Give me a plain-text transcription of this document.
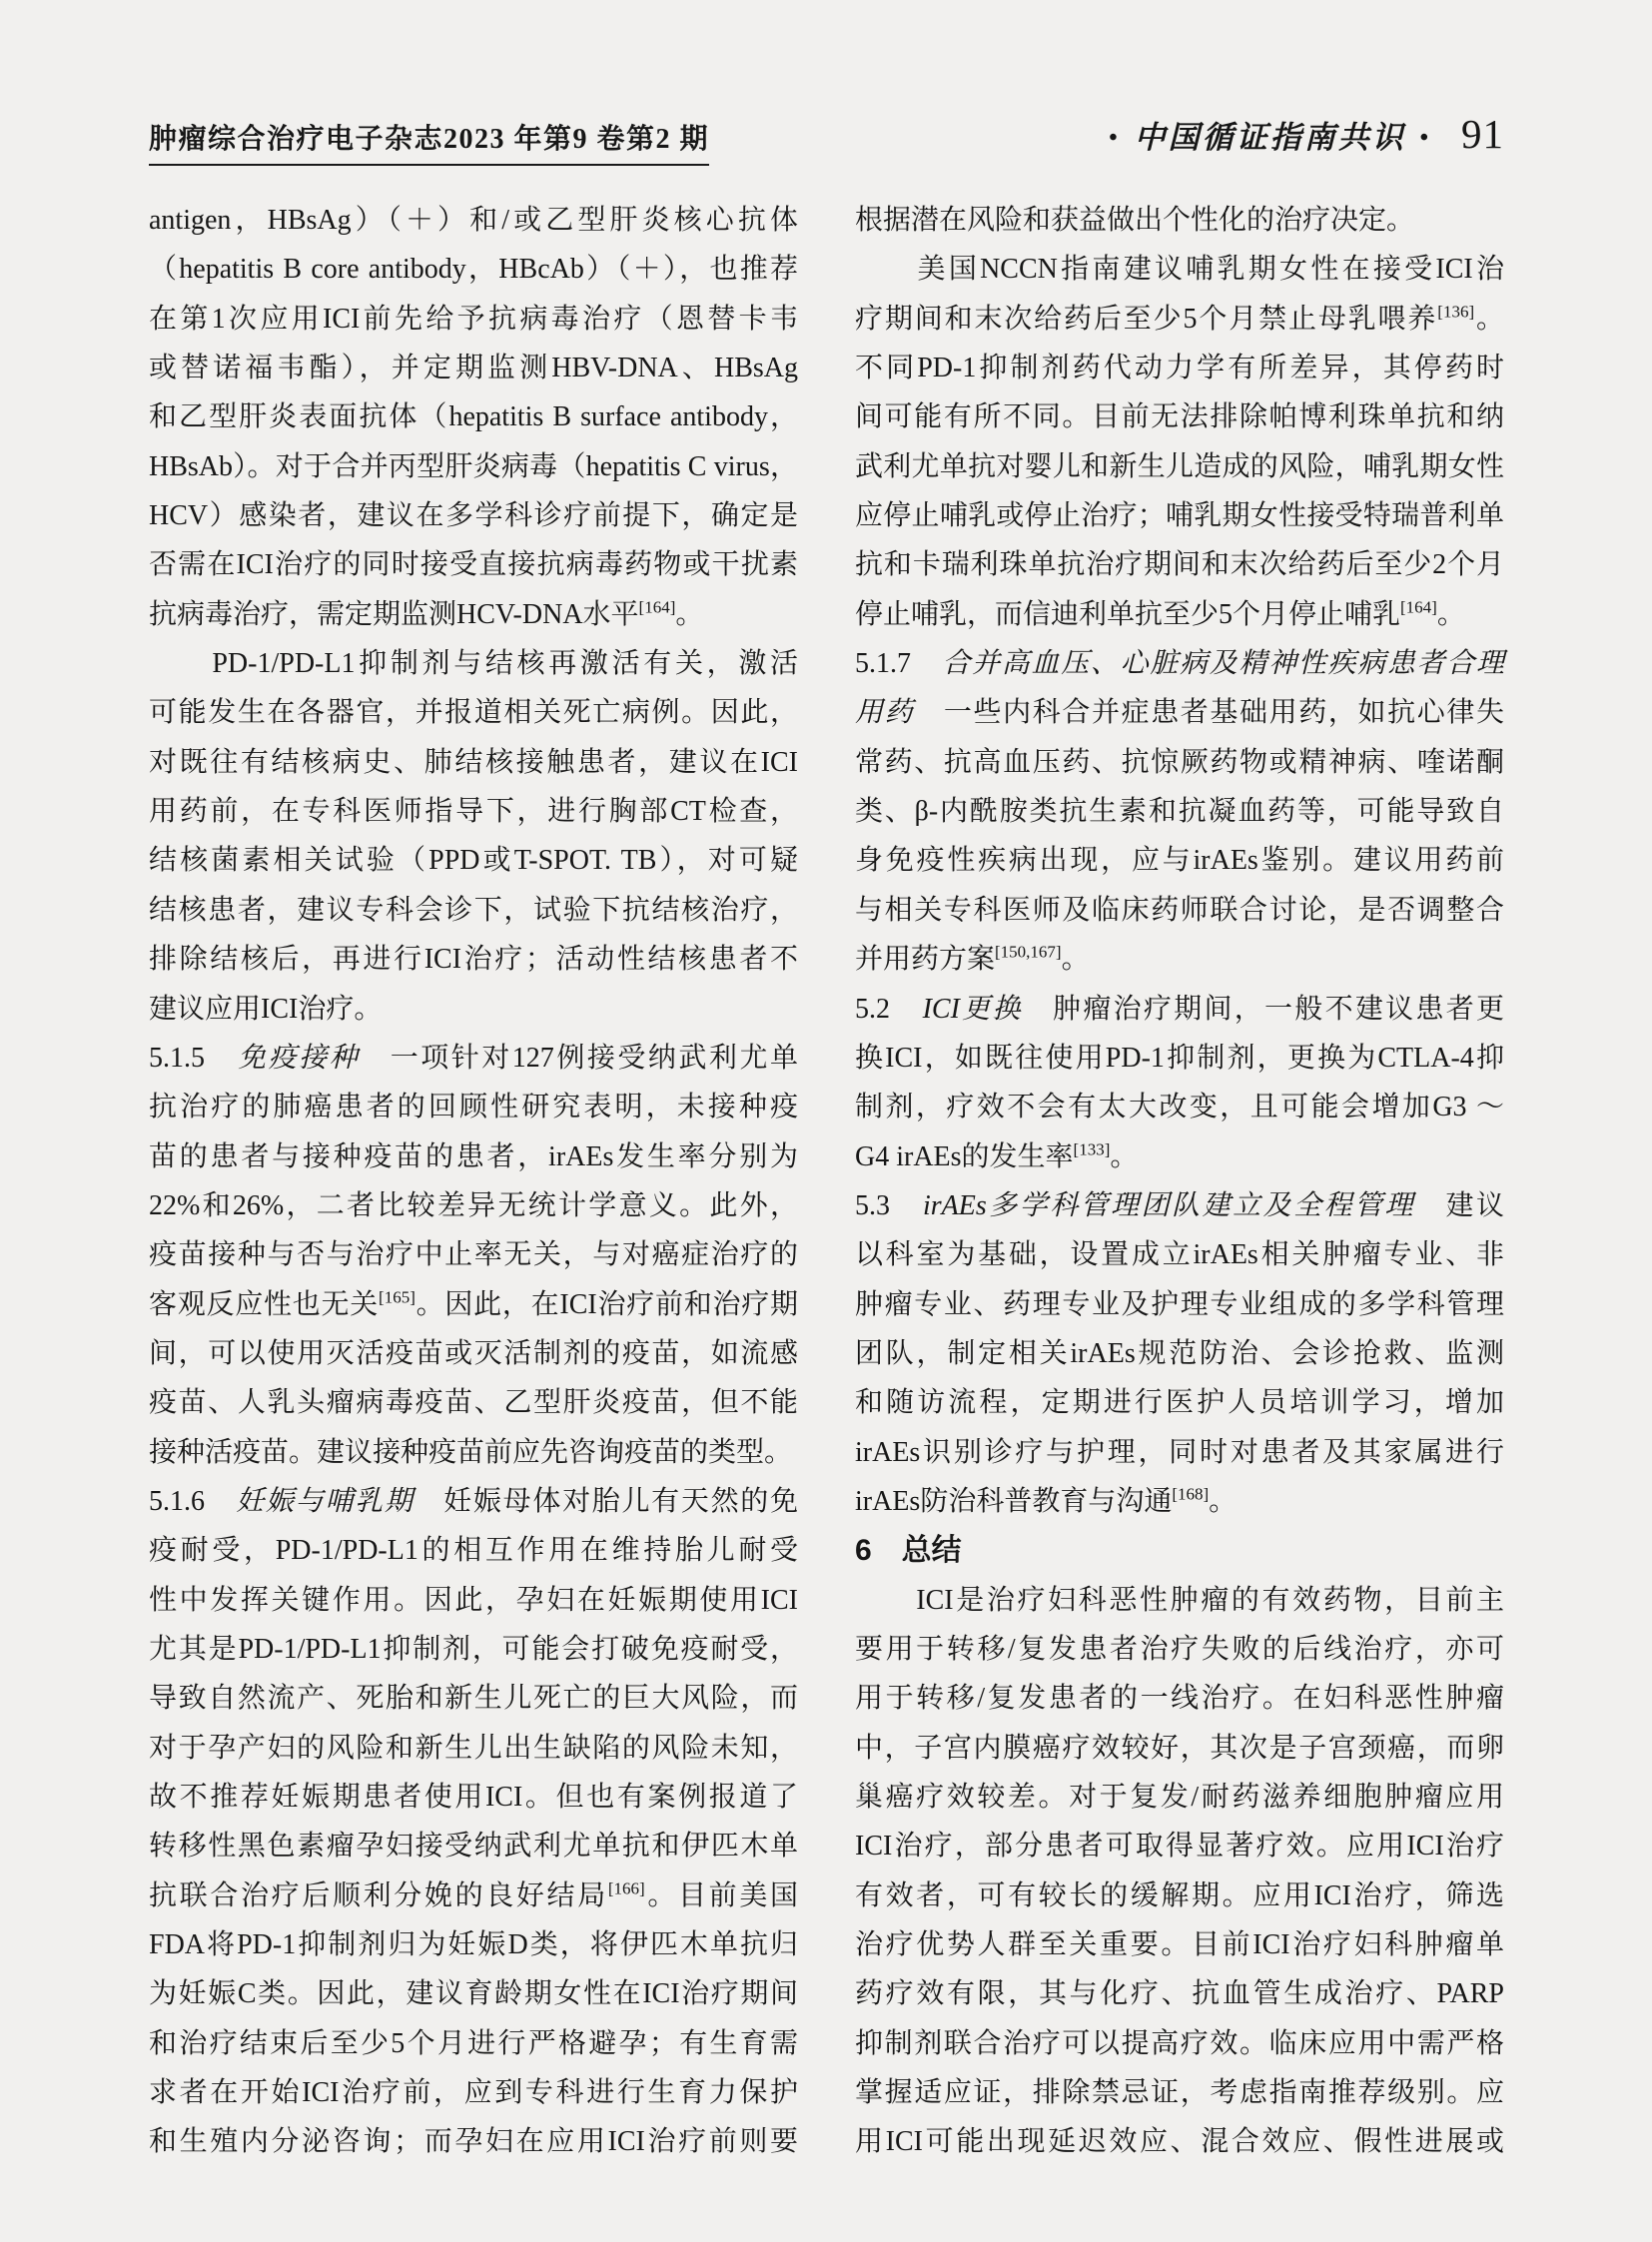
肿瘤综合治疗电子杂志2023 年第9 卷第2 期	• 中国循证指南共识 • 91
antigen，HBsAg）（＋）和/或乙型肝炎核心抗体
（hepatitis B core antibody，HBcAb）（＋），也推荐
在第1次应用ICI前先给予抗病毒治疗（恩替卡韦
或替诺福韦酯），并定期监测HBV-DNA、HBsAg
和乙型肝炎表面抗体（hepatitis B surface antibody，
HBsAb）。对于合并丙型肝炎病毒（hepatitis C virus，
HCV）感染者，建议在多学科诊疗前提下，确定是
否需在ICI治疗的同时接受直接抗病毒药物或干扰素
抗病毒治疗，需定期监测HCV-DNA水平[164]。
　　PD-1/PD-L1抑制剂与结核再激活有关，激活
可能发生在各器官，并报道相关死亡病例。因此，
对既往有结核病史、肺结核接触患者，建议在ICI
用药前，在专科医师指导下，进行胸部CT检查，
结核菌素相关试验（PPD或T-SPOT. TB），对可疑
结核患者，建议专科会诊下，试验下抗结核治疗，
排除结核后，再进行ICI治疗；活动性结核患者不
建议应用ICI治疗。
5.1.5　免疫接种　一项针对127例接受纳武利尤单
抗治疗的肺癌患者的回顾性研究表明，未接种疫
苗的患者与接种疫苗的患者，irAEs发生率分别为
22%和26%，二者比较差异无统计学意义。此外，
疫苗接种与否与治疗中止率无关，与对癌症治疗的
客观反应性也无关[165]。因此，在ICI治疗前和治疗期
间，可以使用灭活疫苗或灭活制剂的疫苗，如流感
疫苗、人乳头瘤病毒疫苗、乙型肝炎疫苗，但不能
接种活疫苗。建议接种疫苗前应先咨询疫苗的类型。
5.1.6　妊娠与哺乳期　妊娠母体对胎儿有天然的免
疫耐受，PD-1/PD-L1的相互作用在维持胎儿耐受
性中发挥关键作用。因此，孕妇在妊娠期使用ICI
尤其是PD-1/PD-L1抑制剂，可能会打破免疫耐受，
导致自然流产、死胎和新生儿死亡的巨大风险，而
对于孕产妇的风险和新生儿出生缺陷的风险未知，
故不推荐妊娠期患者使用ICI。但也有案例报道了
转移性黑色素瘤孕妇接受纳武利尤单抗和伊匹木单
抗联合治疗后顺利分娩的良好结局[166]。目前美国
FDA将PD-1抑制剂归为妊娠D类，将伊匹木单抗归
为妊娠C类。因此，建议育龄期女性在ICI治疗期间
和治疗结束后至少5个月进行严格避孕；有生育需
求者在开始ICI治疗前，应到专科进行生育力保护
和生殖内分泌咨询；而孕妇在应用ICI治疗前则要
根据潜在风险和获益做出个性化的治疗决定。
　　美国NCCN指南建议哺乳期女性在接受ICI治
疗期间和末次给药后至少5个月禁止母乳喂养[136]。
不同PD-1抑制剂药代动力学有所差异，其停药时
间可能有所不同。目前无法排除帕博利珠单抗和纳
武利尤单抗对婴儿和新生儿造成的风险，哺乳期女性
应停止哺乳或停止治疗；哺乳期女性接受特瑞普利单
抗和卡瑞利珠单抗治疗期间和末次给药后至少2个月
停止哺乳，而信迪利单抗至少5个月停止哺乳[164]。
5.1.7　合并高血压、心脏病及精神性疾病患者合理
用药　一些内科合并症患者基础用药，如抗心律失
常药、抗高血压药、抗惊厥药物或精神病、喹诺酮
类、β-内酰胺类抗生素和抗凝血药等，可能导致自
身免疫性疾病出现，应与irAEs鉴别。建议用药前
与相关专科医师及临床药师联合讨论，是否调整合
并用药方案[150,167]。
5.2　ICI更换　肿瘤治疗期间，一般不建议患者更
换ICI，如既往使用PD-1抑制剂，更换为CTLA-4抑
制剂，疗效不会有太大改变，且可能会增加G3 ～
G4 irAEs的发生率[133]。
5.3　irAEs多学科管理团队建立及全程管理　建议
以科室为基础，设置成立irAEs相关肿瘤专业、非
肿瘤专业、药理专业及护理专业组成的多学科管理
团队，制定相关irAEs规范防治、会诊抢救、监测
和随访流程，定期进行医护人员培训学习，增加
irAEs识别诊疗与护理，同时对患者及其家属进行
irAEs防治科普教育与沟通[168]。
6　总结
　　ICI是治疗妇科恶性肿瘤的有效药物，目前主
要用于转移/复发患者治疗失败的后线治疗，亦可
用于转移/复发患者的一线治疗。在妇科恶性肿瘤
中，子宫内膜癌疗效较好，其次是子宫颈癌，而卵
巢癌疗效较差。对于复发/耐药滋养细胞肿瘤应用
ICI治疗，部分患者可取得显著疗效。应用ICI治疗
有效者，可有较长的缓解期。应用ICI治疗，筛选
治疗优势人群至关重要。目前ICI治疗妇科肿瘤单
药疗效有限，其与化疗、抗血管生成治疗、PARP
抑制剂联合治疗可以提高疗效。临床应用中需严格
掌握适应证，排除禁忌证，考虑指南推荐级别。应
用ICI可能出现延迟效应、混合效应、假性进展或
